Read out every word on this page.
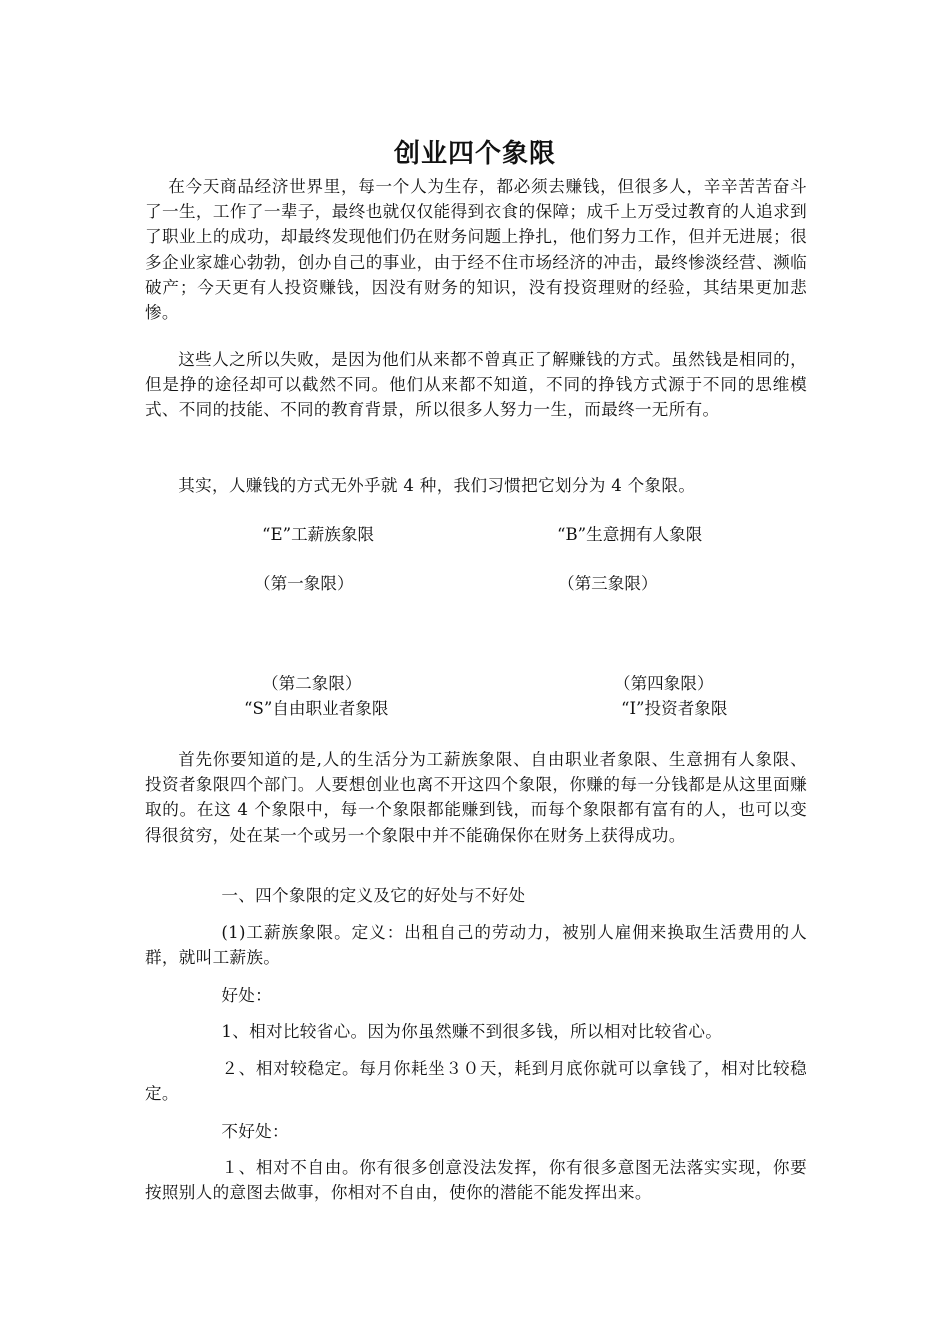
创业四个象限

在今天商品经济世界里，每一个人为生存，都必须去赚钱，但很多人，辛辛苦苦奋斗了一生，工作了一辈子，最终也就仅仅能得到衣食的保障；成千上万受过教育的人追求到了职业上的成功，却最终发现他们仍在财务问题上挣扎，他们努力工作，但并无进展；很多企业家雄心勃勃，创办自己的事业，由于经不住市场经济的冲击，最终惨淡经营、濒临破产；今天更有人投资赚钱，因没有财务的知识，没有投资理财的经验，其结果更加悲惨。

这些人之所以失败，是因为他们从来都不曾真正了解赚钱的方式。虽然钱是相同的，但是挣的途径却可以截然不同。他们从来都不知道，不同的挣钱方式源于不同的思维模式、不同的技能、不同的教育背景，所以很多人努力一生，而最终一无所有。

其实，人赚钱的方式无外乎就 4 种，我们习惯把它划分为 4 个象限。

“E”工薪族象限	“B”生意拥有人象限
（第一象限）	（第三象限）
（第二象限）	（第四象限）
“S”自由职业者象限	“I”投资者象限

首先你要知道的是,人的生活分为工薪族象限、自由职业者象限、生意拥有人象限、投资者象限四个部门。人要想创业也离不开这四个象限，你赚的每一分钱都是从这里面赚取的。在这 4 个象限中，每一个象限都能赚到钱，而每个象限都有富有的人，也可以变得很贫穷，处在某一个或另一个象限中并不能确保你在财务上获得成功。

一、四个象限的定义及它的好处与不好处

(1)工薪族象限。定义：出租自己的劳动力，被别人雇佣来换取生活费用的人群，就叫工薪族。

好处：

1、相对比较省心。因为你虽然赚不到很多钱，所以相对比较省心。

２、相对较稳定。每月你耗坐３０天，耗到月底你就可以拿钱了，相对比较稳定。

不好处：

１、相对不自由。你有很多创意没法发挥，你有很多意图无法落实实现，你要按照别人的意图去做事，你相对不自由，使你的潜能不能发挥出来。
